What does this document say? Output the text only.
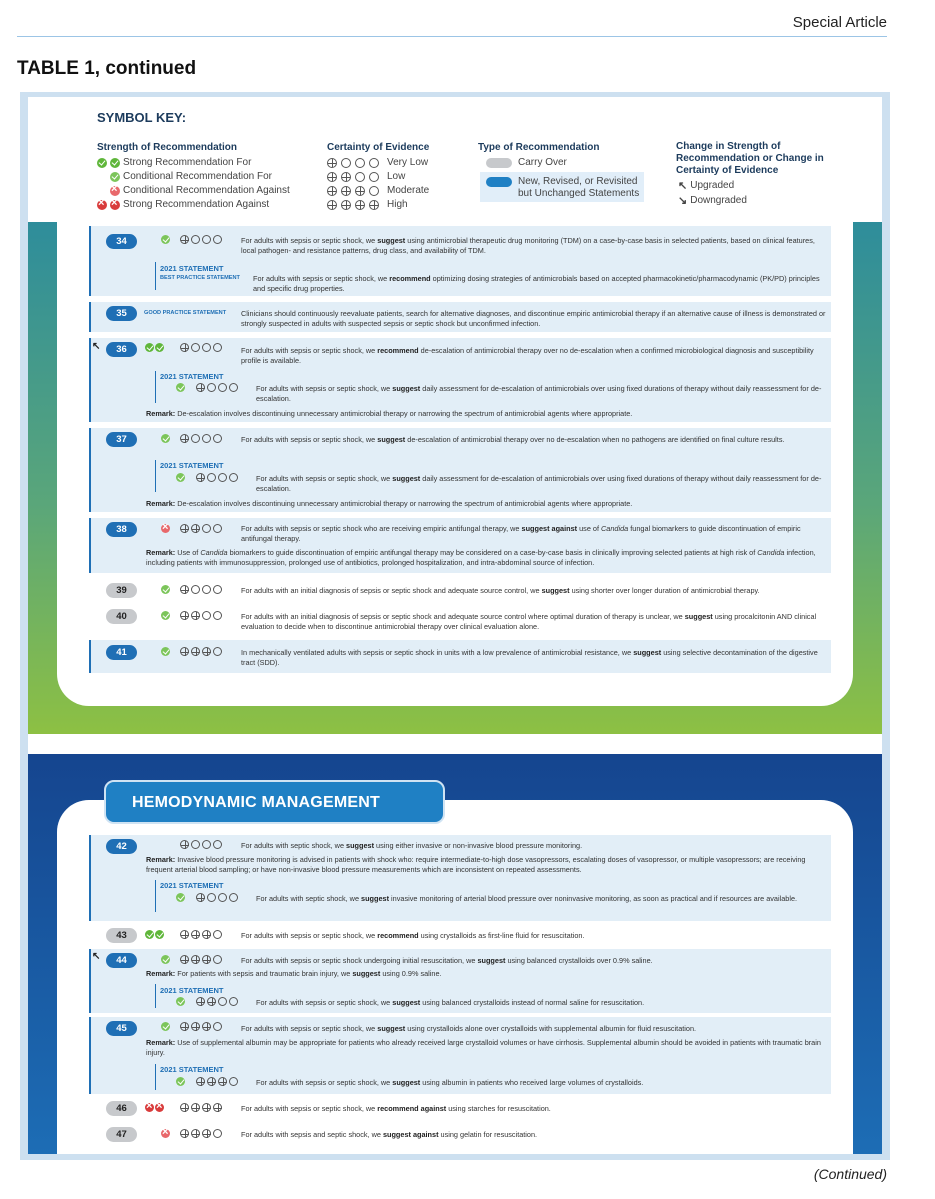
Special Article
TABLE 1, continued
HEMODYNAMIC MANAGEMENT
SYMBOL KEY:
Strength of Recommendation
Strong Recommendation For
Conditional Recommendation For
×
Conditional Recommendation Against
×
×
Strong Recommendation Against
Certainty of Evidence
Very Low
Low
Moderate
High
Type of Recommendation
Carry Over
New, Revised, or Revisited but Unchanged Statements
Change in Strength of Recommendation or Change in Certainty of Evidence
↖ Upgraded
↘ Downgraded
34	For adults with sepsis or septic shock, we suggest using antimicrobial therapeutic drug monitoring (TDM) on a case-by-case basis in selected patients, based on clinical features, local pathogen- and resistance patterns, drug class, and availability of TDM.
2021 STATEMENT
BEST PRACTICE STATEMENT For adults with sepsis or septic shock, we recommend optimizing dosing strategies of antimicrobials based on accepted pharmacokinetic/pharmacodynamic (PK/PD) principles and specific drug properties.
35	GOOD PRACTICE STATEMENT Clinicians should continuously reevaluate patients, search for alternative diagnoses, and discontinue empiric antimicrobial therapy if an alternative cause of illness is demonstrated or strongly suspected in adults with suspected sepsis or septic shock but unconfirmed infection.
↖	36	For adults with sepsis or septic shock, we recommend de-escalation of antimicrobial therapy over no de-escalation when a confirmed microbiological diagnosis and susceptibility profile is available.
2021 STATEMENT
For adults with sepsis or septic shock, we suggest daily assessment for de-escalation of antimicrobials over using fixed durations of therapy without daily reassessment for de-escalation.
Remark: De-escalation involves discontinuing unnecessary antimicrobial therapy or narrowing the spectrum of antimicrobial agents where appropriate.
37	For adults with sepsis or septic shock, we suggest de-escalation of antimicrobial therapy over no de-escalation when no pathogens are identified on final culture results.
2021 STATEMENT
For adults with sepsis or septic shock, we suggest daily assessment for de-escalation of antimicrobials over using fixed durations of therapy without daily reassessment for de-escalation.
Remark: De-escalation involves discontinuing unnecessary antimicrobial therapy or narrowing the spectrum of antimicrobial agents where appropriate.
38 ×	For adults with sepsis or septic shock who are receiving empiric antifungal therapy, we suggest against use of Candida fungal biomarkers to guide discontinuation of empiric antifungal therapy.
Remark: Use of Candida biomarkers to guide discontinuation of empiric antifungal therapy may be considered on a case-by-case basis in clinically improving selected patients at high risk of Candida infection, including patients with immunosuppression, prolonged use of antibiotics, prolonged hospitalization, and intra-abdominal source of infection.
39	For adults with an initial diagnosis of sepsis or septic shock and adequate source control, we suggest using shorter over longer duration of antimicrobial therapy.
40	For adults with an initial diagnosis of sepsis or septic shock and adequate source control where optimal duration of therapy is unclear, we suggest using procalcitonin AND clinical evaluation to decide when to discontinue antimicrobial therapy over clinical evaluation alone.
41	In mechanically ventilated adults with sepsis or septic shock in units with a low prevalence of antimicrobial resistance, we suggest using selective decontamination of the digestive tract (SDD).
42	For adults with septic shock, we suggest using either invasive or non-invasive blood pressure monitoring.
Remark: Invasive blood pressure monitoring is advised in patients with shock who: require intermediate-to-high dose vasopressors, escalating doses of vasopressor, or multiple vasopressors; are receiving frequent arterial blood sampling; or have non-invasive blood pressure measurements which are inconsistent on repeated assessments.
2021 STATEMENT
For adults with septic shock, we suggest invasive monitoring of arterial blood pressure over noninvasive monitoring, as soon as practical and if resources are available.
43	For adults with sepsis or septic shock, we recommend using crystalloids as first-line fluid for resuscitation.
↖	44	For adults with sepsis or septic shock undergoing initial resuscitation, we suggest using balanced crystalloids over 0.9% saline.
Remark: For patients with sepsis and traumatic brain injury, we suggest using 0.9% saline.
2021 STATEMENT
For adults with sepsis or septic shock, we suggest using balanced crystalloids instead of normal saline for resuscitation.
45	For adults with sepsis or septic shock, we suggest using crystalloids alone over crystalloids with supplemental albumin for fluid resuscitation.
Remark: Use of supplemental albumin may be appropriate for patients who already received large crystalloid volumes or have cirrhosis. Supplemental albumin should be avoided in patients with traumatic brain injury.
2021 STATEMENT
For adults with sepsis or septic shock, we suggest using albumin in patients who received large volumes of crystalloids.
46 × ×	For adults with sepsis or septic shock, we recommend against using starches for resuscitation.
47 ×	For adults with sepsis and septic shock, we suggest against using gelatin for resuscitation.
(Continued)
